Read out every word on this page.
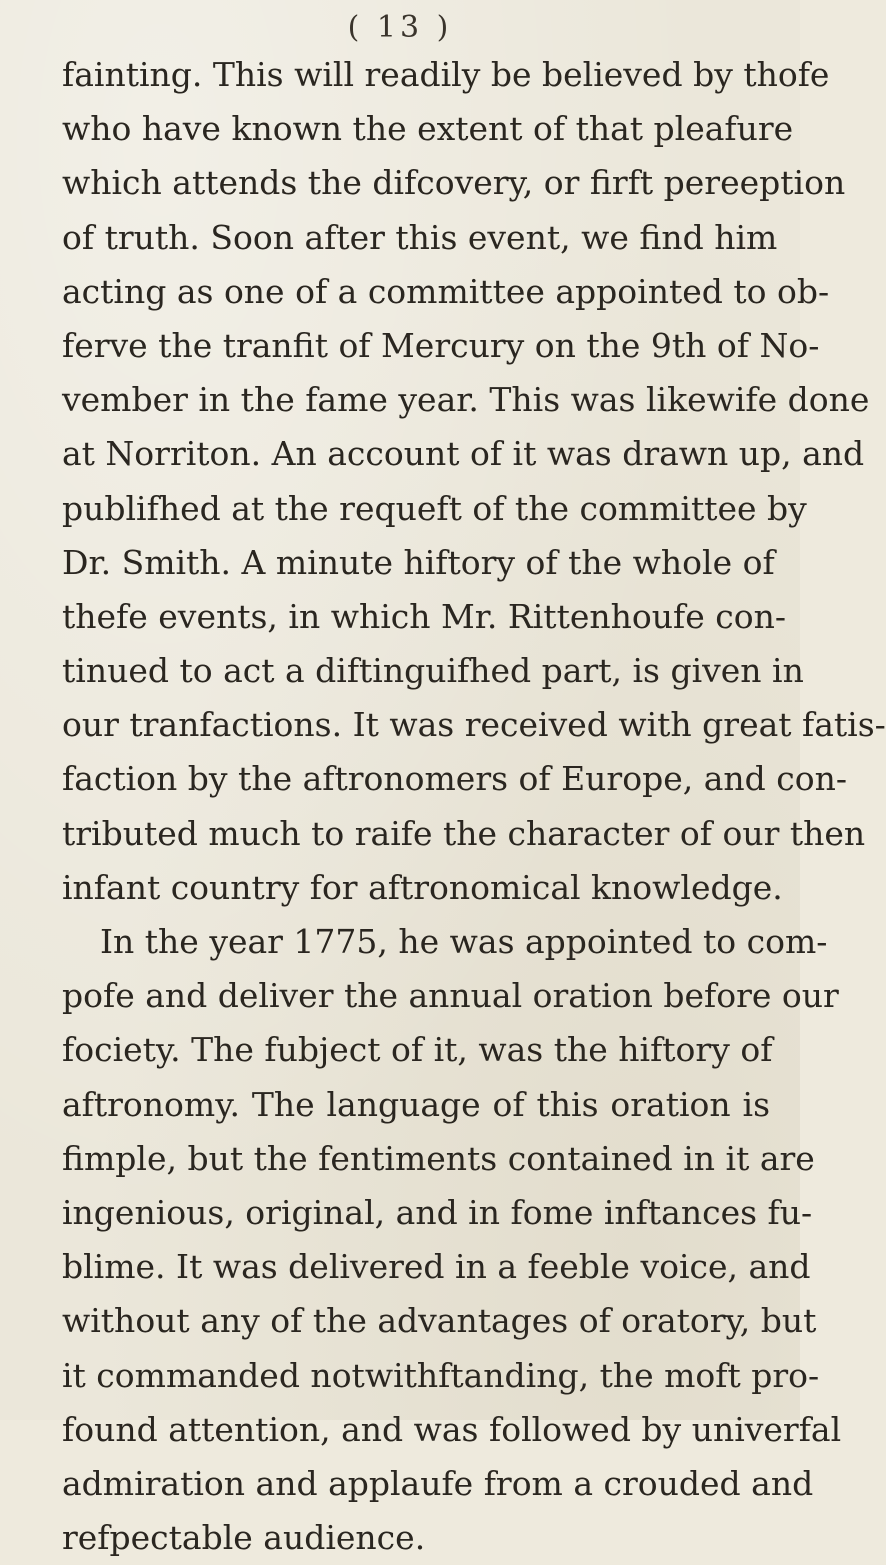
( 13 )
fainting. This will readily be believed by thofe
who have known the extent of that pleafure
which attends the difcovery, or firft pereeption
of truth. Soon after this event, we find him
acting as one of a committee appointed to ob-
ferve the tranfit of Mercury on the 9th of No-
vember in the fame year. This was likewife done
at Norriton. An account of it was drawn up, and
publifhed at the requeft of the committee by
Dr. Smith. A minute hiftory of the whole of
thefe events, in which Mr. Rittenhoufe con-
tinued to act a diftinguifhed part, is given in
our tranfactions. It was received with great fatis-
faction by the aftronomers of Europe, and con-
tributed much to raife the character of our then
infant country for aftronomical knowledge.
In the year 1775, he was appointed to com-
pofe and deliver the annual oration before our
fociety. The fubject of it, was the hiftory of
aftronomy. The language of this oration is
fimple, but the fentiments contained in it are
ingenious, original, and in fome inftances fu-
blime. It was delivered in a feeble voice, and
without any of the advantages of oratory, but
it commanded notwithftanding, the moft pro-
found attention, and was followed by univerfal
admiration and applaufe from a crouded and
refpectable audience.
